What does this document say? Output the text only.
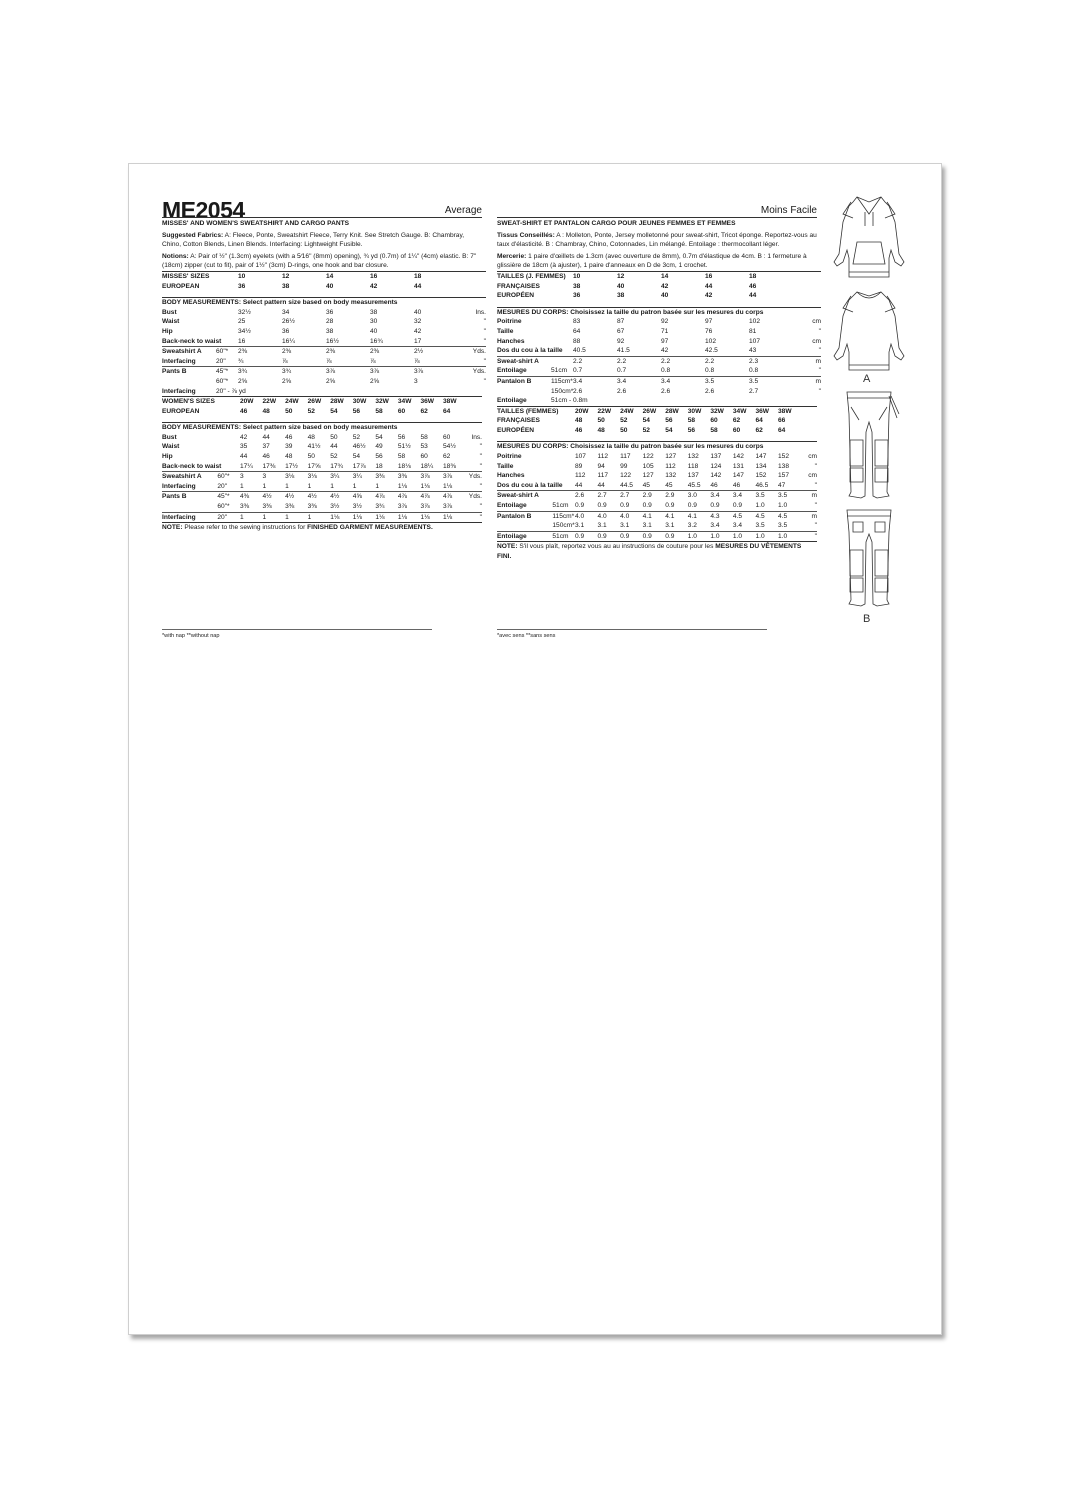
ME2054	Average
MISSES' AND WOMEN'S SWEATSHIRT AND CARGO PANTS
Suggested Fabrics: A: Fleece, Ponte, Sweatshirt Fleece, Terry Knit. See Stretch Gauge. B: Chambray, Chino, Cotton Blends, Linen Blends. Interfacing: Lightweight Fusible.
Notions: A: Pair of ½" (1.3cm) eyelets (with a 5⁄16" (8mm) opening), ¾ yd (0.7m) of 1¼" (4cm) elastic. B: 7"(18cm) zipper (cut to fit), pair of 1½" (3cm) D-rings, one hook and bar closure.
MISSES' SIZES		10	12	14	16	18	
EUROPEAN		36	38	40	42	44	

BODY MEASUREMENTS: Select pattern size based on body measurements							
Bust		32½	34	36	38	40	Ins.
Waist		25	26½	28	30	32	"
Hip		34½	36	38	40	42	"
Back-neck to waist		16	16¼	16½	16¾	17	"
Sweatshirt A	60"*	2⅜	2⅜	2⅜	2⅜	2½	Yds.
Interfacing	20"	¾	⅞	⅞	⅞	⅞	"
Pants B	45"*	3¾	3¾	3⅞	3⅞	3⅞	Yds.
	60"*	2⅝	2⅝	2⅝	2⅝	3	"
Interfacing	20" - ⅞ yd						
WOMEN'S SIZES		20W	22W	24W	26W	28W	30W	32W	34W	36W	38W	
EUROPEAN		46	48	50	52	54	56	58	60	62	64	

BODY MEASUREMENTS: Select pattern size based on body measurements												
Bust		42	44	46	48	50	52	54	56	58	60	Ins.
Waist		35	37	39	41½	44	46½	49	51½	53	54½	"
Hip		44	46	48	50	52	54	56	58	60	62	"
Back-neck to waist		17¼	17⅜	17½	17⅝	17¾	17⅞	18	18⅛	18¼	18⅜	"
Sweatshirt A	60"*	3	3	3⅛	3⅛	3¼	3¼	3⅜	3⅜	3⅞	3⅞	Yds.
Interfacing	20"	1	1	1	1	1	1	1	1⅛	1⅛	1⅛	"
Pants B	45"*	4⅜	4½	4½	4½	4½	4⅝	4⅞	4⅞	4⅞	4⅞	Yds.
	60"*	3⅜	3⅜	3⅜	3⅜	3½	3½	3¾	3⅞	3⅞	3⅞	"
Interfacing	20"	1	1	1	1	1⅛	1⅛	1⅛	1⅛	1⅛	1⅛	"
NOTE: Please refer to the sewing instructions for FINISHED GARMENT MEASUREMENTS.
*with nap **without nap
Moins Facile
SWEAT-SHIRT ET PANTALON CARGO POUR JEUNES FEMMES ET FEMMES
Tissus Conseillés: A : Molleton, Ponte, Jersey molletonné pour sweat-shirt, Tricot éponge. Reportez-vous au taux d'élasticité. B : Chambray, Chino, Cotonnades, Lin mélangé. Entoilage : thermocollant léger.
Mercerie: 1 paire d'œillets de 1.3cm (avec ouverture de 8mm), 0.7m d'élastique de 4cm. B : 1 fermeture à glissière de 18cm (à ajuster), 1 paire d'anneaux en D de 3cm, 1 crochet.
TAILLES (J. FEMMES)		10	12	14	16	18	
FRANÇAISES		38	40	42	44	46	
EUROPÉEN		36	38	40	42	44	

MESURES DU CORPS: Choisissez la taille du patron basée sur les mesures du corps							
Poitrine		83	87	92	97	102	cm
Taille		64	67	71	76	81	"
Hanches		88	92	97	102	107	cm
Dos du cou à la taille		40.5	41.5	42	42.5	43	"
Sweat-shirt A		2.2	2.2	2.2	2.2	2.3	m
Entoilage	51cm	0.7	0.7	0.8	0.8	0.8	"
Pantalon B	115cm*	3.4	3.4	3.4	3.5	3.5	m
	150cm*	2.6	2.6	2.6	2.6	2.7	"
Entoilage	51cm - 0.8m						
TAILLES (FEMMES)		20W	22W	24W	26W	28W	30W	32W	34W	36W	38W	
FRANÇAISES		48	50	52	54	56	58	60	62	64	66	
EUROPÉEN		46	48	50	52	54	56	58	60	62	64	

MESURES DU CORPS: Choisissez la taille du patron basée sur les mesures du corps												
Poitrine		107	112	117	122	127	132	137	142	147	152	cm
Taille		89	94	99	105	112	118	124	131	134	138	"
Hanches		112	117	122	127	132	137	142	147	152	157	cm
Dos du cou à la taille		44	44	44.5	45	45	45.5	46	46	46.5	47	"
Sweat-shirt A		2.6	2.7	2.7	2.9	2.9	3.0	3.4	3.4	3.5	3.5	m
Entoilage	51cm	0.9	0.9	0.9	0.9	0.9	0.9	0.9	0.9	1.0	1.0	"
Pantalon B	115cm*	4.0	4.0	4.0	4.1	4.1	4.1	4.3	4.5	4.5	4.5	m
	150cm*	3.1	3.1	3.1	3.1	3.1	3.2	3.4	3.4	3.5	3.5	"
Entoilage	51cm	0.9	0.9	0.9	0.9	0.9	1.0	1.0	1.0	1.0	1.0	"
NOTE: S'il vous plaît, reportez vous au au instructions de couture pour les MESURES DU VÊTEMENTS FINI.
*avec sens **sans sens
A
B
